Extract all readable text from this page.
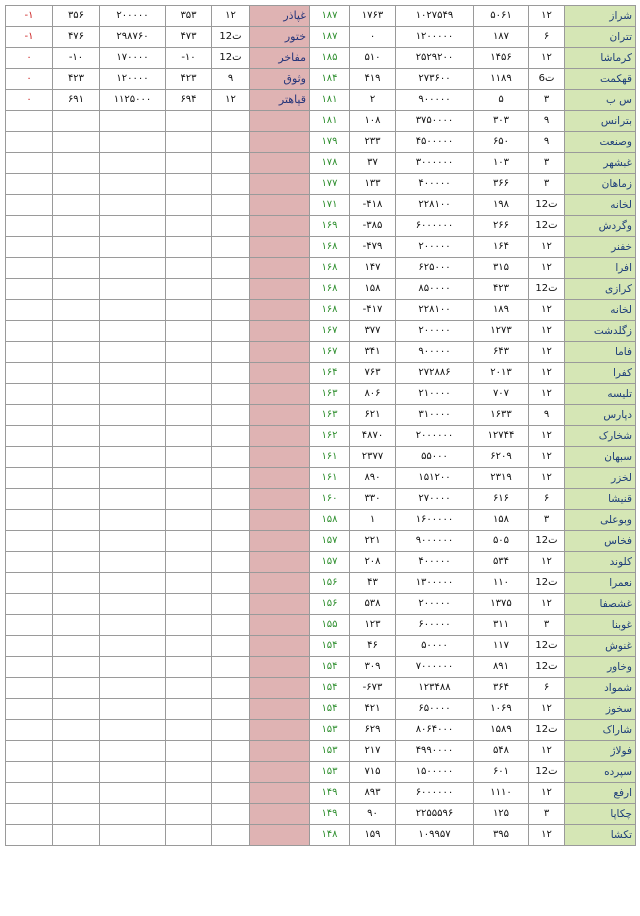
-۱	۳۵۶	۲۰۰۰۰۰	۳۵۳	۱۲	غپاذر	۱۸۷	۱۷۶۳	۱۰۲۷۵۴۹	۵۰۶۱	۱۲	شراز
-۱	۴۷۶	۲۹۸۷۶۰	۴۷۳	12ت	ختور	۱۸۷	۰	۱۲۰۰۰۰۰	۱۸۷	۶	تتران
۰	-۱۰	۱۷۰۰۰۰	-۱۰	12ت	مفاخر	۱۸۵	۵۱۰	۲۵۲۹۲۰۰	۱۴۵۶	۱۲	کرماشا
۰	۴۲۳	۱۲۰۰۰۰	۴۲۳	۹	وثوق	۱۸۴	۴۱۹	۲۷۳۶۰۰	۱۱۸۹	6ت	قهکمت
۰	۶۹۱	۱۱۲۵۰۰۰	۶۹۴	۱۲	قپاهتر	۱۸۱	۲	۹۰۰۰۰۰	۵	۳	س ب
						۱۸۱	۱۰۸	۳۷۵۰۰۰۰	۳۰۳	۹	بترانس
						۱۷۹	۲۳۳	۴۵۰۰۰۰۰	۶۵۰	۹	وصنعت
						۱۷۸	۳۷	۳۰۰۰۰۰۰	۱۰۳	۳	غبشهر
						۱۷۷	۱۳۳	۴۰۰۰۰۰	۳۶۶	۳	زماهان
						۱۷۱	-۴۱۸	۲۲۸۱۰۰	۱۹۸	12ت	لخانه
						۱۶۹	-۳۸۵	۶۰۰۰۰۰۰	۲۶۶	12ت	وگردش
						۱۶۸	-۴۷۹	۲۰۰۰۰۰	۱۶۴	۱۲	خفنر
						۱۶۸	۱۴۷	۶۲۵۰۰۰	۳۱۵	۱۲	افرا
						۱۶۸	۱۵۸	۸۵۰۰۰۰	۴۲۳	12ت	کرازی
						۱۶۸	-۴۱۷	۲۲۸۱۰۰	۱۸۹	۱۲	لخانه
						۱۶۷	۳۷۷	۲۰۰۰۰۰	۱۲۷۳	۱۲	زگلدشت
						۱۶۷	۳۴۱	۹۰۰۰۰۰	۶۴۳	۱۲	فاما
						۱۶۴	۷۶۳	۲۷۲۸۸۶	۲۰۱۳	۱۲	کفرا
						۱۶۳	۸۰۶	۲۱۰۰۰۰	۷۰۷	۱۲	تلیسه
						۱۶۳	۶۲۱	۳۱۰۰۰۰	۱۶۳۳	۹	دپارس
						۱۶۲	۴۸۷۰	۲۰۰۰۰۰۰	۱۲۷۴۴	۱۲	شخارک
						۱۶۱	۲۳۷۷	۵۵۰۰۰	۶۲۰۹	۱۲	سبهان
						۱۶۱	۸۹۰	۱۵۱۲۰۰	۲۳۱۹	۱۲	لخزر
						۱۶۰	۳۳۰	۲۷۰۰۰۰	۶۱۶	۶	قنیشا
						۱۵۸	۱	۱۶۰۰۰۰۰	۱۵۸	۳	وبوعلی
						۱۵۷	۲۲۱	۹۰۰۰۰۰۰	۵۰۵	12ت	فخاس
						۱۵۷	۲۰۸	۴۰۰۰۰۰	۵۳۴	۱۲	کلوند
						۱۵۶	۴۳	۱۳۰۰۰۰۰	۱۱۰	12ت	نعمرا
						۱۵۶	۵۳۸	۲۰۰۰۰۰	۱۳۷۵	۱۲	غشصفا
						۱۵۵	۱۲۳	۶۰۰۰۰۰	۳۱۱	۳	غوبنا
						۱۵۴	۴۶	۵۰۰۰۰	۱۱۷	12ت	غنوش
						۱۵۴	۳۰۹	۷۰۰۰۰۰۰	۸۹۱	12ت	وخاور
						۱۵۴	-۶۷۳	۱۲۳۴۸۸	۳۶۴	۶	شمواد
						۱۵۴	۴۲۱	۶۵۰۰۰۰	۱۰۶۹	۱۲	سخوز
						۱۵۳	۶۲۹	۸۰۶۴۰۰۰	۱۵۸۹	12ت	شاراک
						۱۵۳	۲۱۷	۴۹۹۰۰۰۰	۵۴۸	۱۲	فولاژ
						۱۵۳	۷۱۵	۱۵۰۰۰۰۰	۶۰۱	12ت	سپرده
						۱۴۹	۸۹۳	۶۰۰۰۰۰۰	۱۱۱۰	۱۲	ارفع
						۱۴۹	۹۰	۲۲۵۵۵۹۶	۱۲۵	۳	چکاپا
						۱۴۸	۱۵۹	۱۰۹۹۵۷	۳۹۵	۱۲	تکشا
